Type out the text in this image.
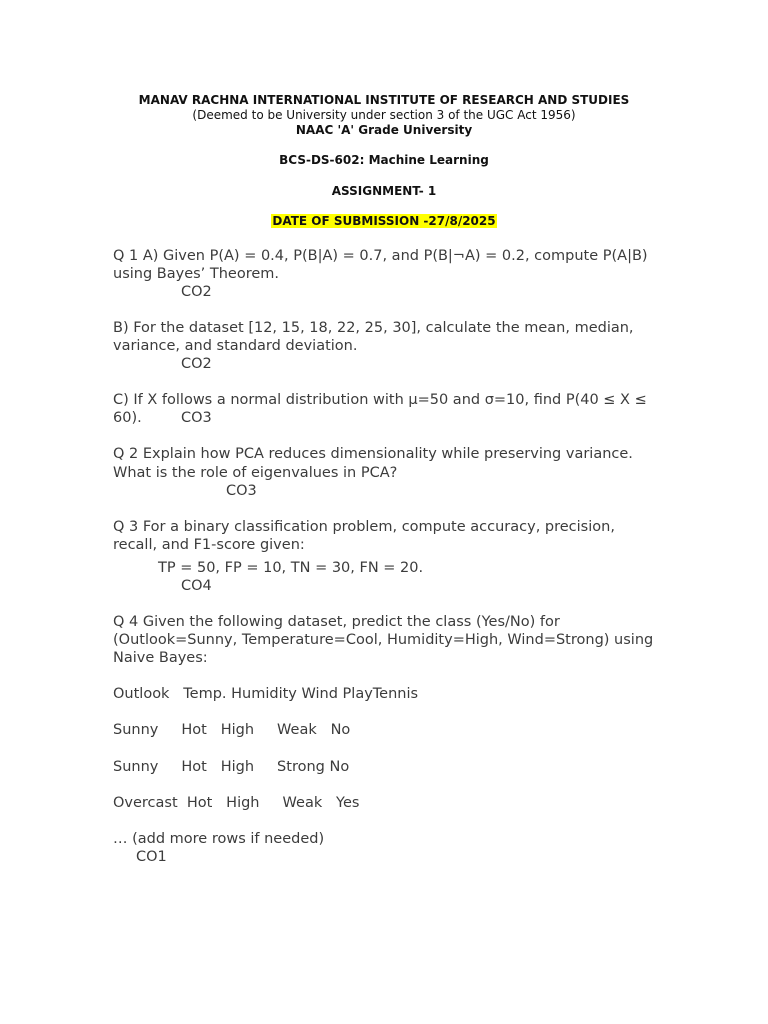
MANAV RACHNA INTERNATIONAL INSTITUTE OF RESEARCH AND STUDIES
(Deemed to be University under section 3 of the UGC Act 1956)
NAAC 'A' Grade University
BCS-DS-602: Machine Learning
ASSIGNMENT- 1
DATE OF SUBMISSION -27/8/2025
Q 1 A) Given P(A) = 0.4, P(B|A) = 0.7, and P(B|¬A) = 0.2, compute P(A|B)
using Bayes’ Theorem.
CO2
B) For the dataset [12, 15, 18, 22, 25, 30], calculate the mean, median,
variance, and standard deviation.
CO2
C) If X follows a normal distribution with μ=50 and σ=10, find P(40 ≤ X ≤
60).	CO3
Q 2 Explain how PCA reduces dimensionality while preserving variance.
What is the role of eigenvalues in PCA?
CO3
Q 3 For a binary classification problem, compute accuracy, precision,
recall, and F1-score given:
TP = 50, FP = 10, TN = 30, FN = 20.
CO4
Q 4 Given the following dataset, predict the class (Yes/No) for
(Outlook=Sunny, Temperature=Cool, Humidity=High, Wind=Strong) using
Naive Bayes:
Outlook   Temp. Humidity Wind PlayTennis
Sunny     Hot   High     Weak   No
Sunny     Hot   High     Strong No
Overcast  Hot   High     Weak   Yes
… (add more rows if needed)
CO1
